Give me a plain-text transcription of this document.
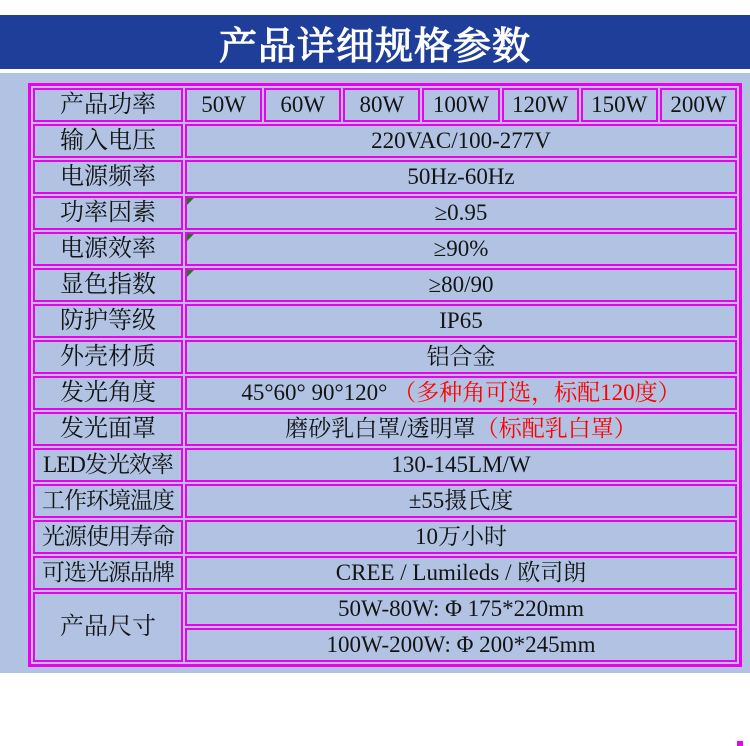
产品详细规格参数
产品功率	50W	60W	80W	100W	120W	150W	200W
输入电压	220VAC/100-277V						
电源频率	50Hz-60Hz						
功率因素	≥0.95						
电源效率	≥90%						
显色指数	≥80/90						
防护等级	IP65						
外壳材质	铝合金						
发光角度	45°60° 90°120° （多种角可选，标配120度）						
发光面罩	磨砂乳白罩/透明罩（标配乳白罩）						
LED发光效率	130-145LM/W						
工作环境温度	±55摄氏度						
光源使用寿命	10万小时						
可选光源品牌	CREE / Lumileds / 欧司朗						
产品尺寸	50W-80W: Φ 175*220mm						
	100W-200W: Φ 200*245mm						
